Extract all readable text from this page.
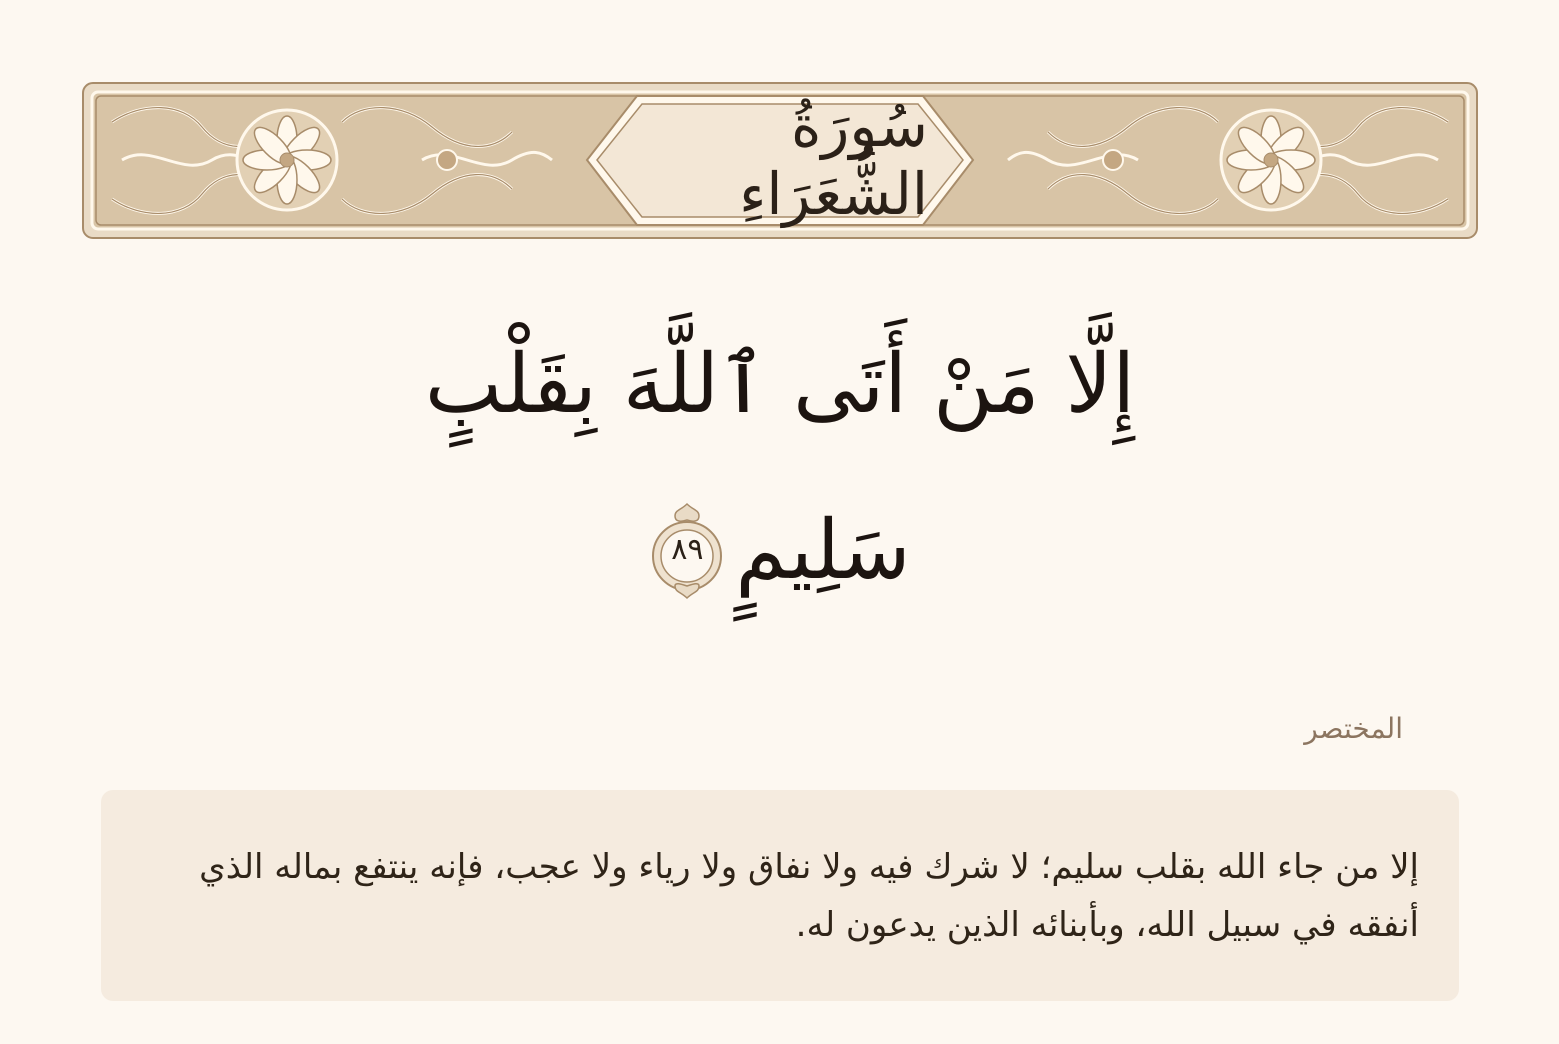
سُورَةُ الشُّعَرَاءِ
إِلَّا مَنْ أَتَى ٱللَّهَ بِقَلْبٍ
سَلِيمٍ
٨٩
المختصر
إلا من جاء الله بقلب سليم؛ لا شرك فيه ولا نفاق ولا رياء ولا عجب، فإنه ينتفع بماله الذي أنفقه في سبيل الله، وبأبنائه الذين يدعون له.
